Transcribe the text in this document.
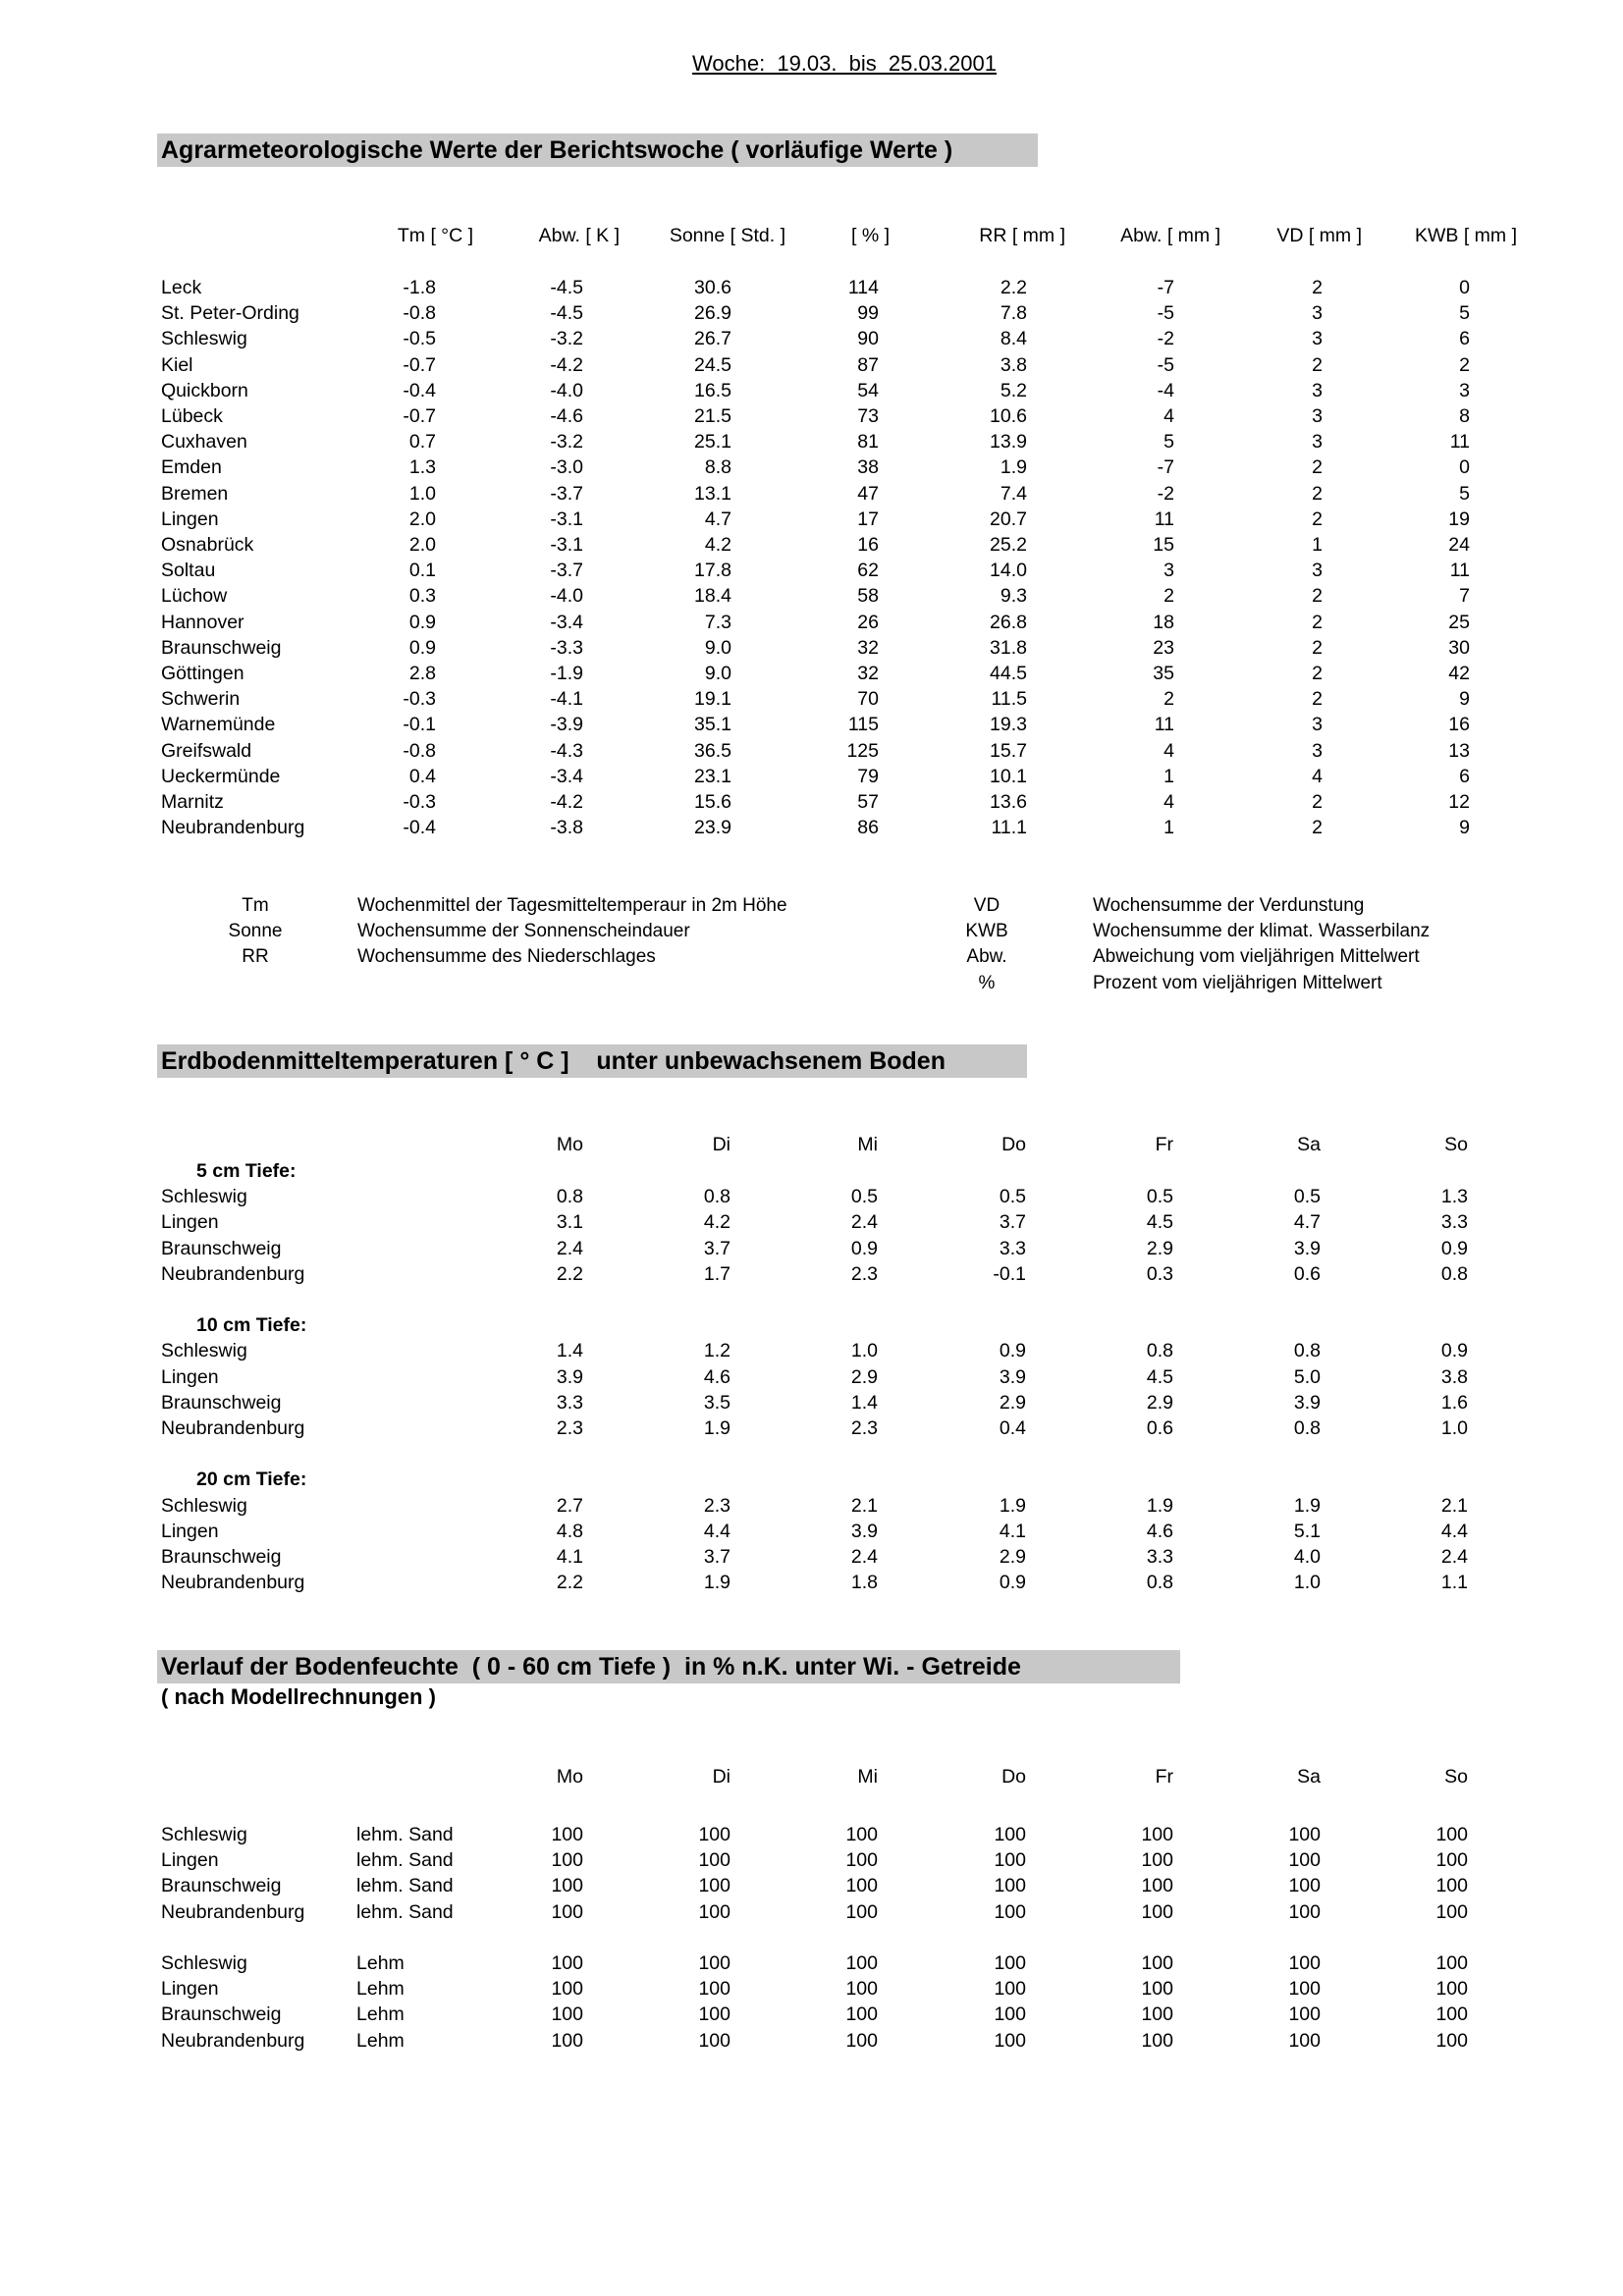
Woche: 19.03. bis 25.03.2001
Agrarmeteorologische Werte der Berichtswoche ( vorläufige Werte )
Tm [ °C ]	Abw. [ K ]	Sonne [ Std. ]	[ % ]	RR [ mm ]	Abw. [ mm ]	VD [ mm ]	KWB [ mm ]
Leck	-1.8	-4.5	30.6	114	2.2	-7	2	0
St. Peter-Ording	-0.8	-4.5	26.9	99	7.8	-5	3	5
Schleswig	-0.5	-3.2	26.7	90	8.4	-2	3	6
Kiel	-0.7	-4.2	24.5	87	3.8	-5	2	2
Quickborn	-0.4	-4.0	16.5	54	5.2	-4	3	3
Lübeck	-0.7	-4.6	21.5	73	10.6	4	3	8
Cuxhaven	0.7	-3.2	25.1	81	13.9	5	3	11
Emden	1.3	-3.0	8.8	38	1.9	-7	2	0
Bremen	1.0	-3.7	13.1	47	7.4	-2	2	5
Lingen	2.0	-3.1	4.7	17	20.7	11	2	19
Osnabrück	2.0	-3.1	4.2	16	25.2	15	1	24
Soltau	0.1	-3.7	17.8	62	14.0	3	3	11
Lüchow	0.3	-4.0	18.4	58	9.3	2	2	7
Hannover	0.9	-3.4	7.3	26	26.8	18	2	25
Braunschweig	0.9	-3.3	9.0	32	31.8	23	2	30
Göttingen	2.8	-1.9	9.0	32	44.5	35	2	42
Schwerin	-0.3	-4.1	19.1	70	11.5	2	2	9
Warnemünde	-0.1	-3.9	35.1	115	19.3	11	3	16
Greifswald	-0.8	-4.3	36.5	125	15.7	4	3	13
Ueckermünde	0.4	-3.4	23.1	79	10.1	1	4	6
Marnitz	-0.3	-4.2	15.6	57	13.6	4	2	12
Neubrandenburg	-0.4	-3.8	23.9	86	11.1	1	2	9
Tm	Wochenmittel der Tagesmitteltemperaur in 2m Höhe
Sonne	Wochensumme der Sonnenscheindauer
RR	Wochensumme des Niederschlages
VD	Wochensumme der Verdunstung
KWB	Wochensumme der klimat. Wasserbilanz
Abw.	Abweichung vom vieljährigen Mittelwert
%	Prozent vom vieljährigen Mittelwert
Erdbodenmitteltemperaturen [ ° C ]    unter unbewachsenem Boden
Mo	Di	Mi	Do	Fr	Sa	So
5 cm Tiefe:
Schleswig	0.8	0.8	0.5	0.5	0.5	0.5	1.3
Lingen	3.1	4.2	2.4	3.7	4.5	4.7	3.3
Braunschweig	2.4	3.7	0.9	3.3	2.9	3.9	0.9
Neubrandenburg	2.2	1.7	2.3	-0.1	0.3	0.6	0.8
10 cm Tiefe:
Schleswig	1.4	1.2	1.0	0.9	0.8	0.8	0.9
Lingen	3.9	4.6	2.9	3.9	4.5	5.0	3.8
Braunschweig	3.3	3.5	1.4	2.9	2.9	3.9	1.6
Neubrandenburg	2.3	1.9	2.3	0.4	0.6	0.8	1.0
20 cm Tiefe:
Schleswig	2.7	2.3	2.1	1.9	1.9	1.9	2.1
Lingen	4.8	4.4	3.9	4.1	4.6	5.1	4.4
Braunschweig	4.1	3.7	2.4	2.9	3.3	4.0	2.4
Neubrandenburg	2.2	1.9	1.8	0.9	0.8	1.0	1.1
Verlauf der Bodenfeuchte  ( 0 - 60 cm Tiefe )  in % n.K. unter Wi. - Getreide
( nach Modellrechnungen )
Mo	Di	Mi	Do	Fr	Sa	So
Schleswig	lehm. Sand	100	100	100	100	100	100	100
Lingen	lehm. Sand	100	100	100	100	100	100	100
Braunschweig	lehm. Sand	100	100	100	100	100	100	100
Neubrandenburg	lehm. Sand	100	100	100	100	100	100	100
Schleswig	Lehm	100	100	100	100	100	100	100
Lingen	Lehm	100	100	100	100	100	100	100
Braunschweig	Lehm	100	100	100	100	100	100	100
Neubrandenburg	Lehm	100	100	100	100	100	100	100
